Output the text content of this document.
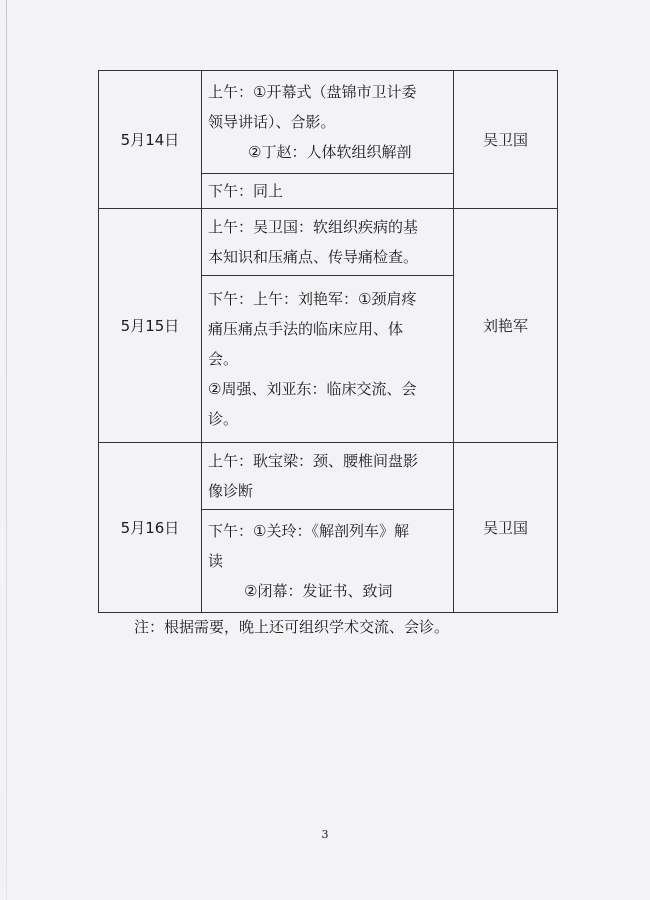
5月14日	上午：①开幕式（盘锦市卫计委
领导讲话）、合影。
②丁赵：人体软组织解剖	吴卫国

	下午：同上	

5月15日	上午：吴卫国：软组织疾病的基
本知识和压痛点、传导痛检查。	刘艳军

	下午：上午：刘艳军：①颈肩疼
痛压痛点手法的临床应用、体
会。
②周强、刘亚东：临床交流、会
诊。	

5月16日	上午：耿宝梁：颈、腰椎间盘影
像诊断	吴卫国

	下午：①关玲：《解剖列车》解
读
②闭幕：发证书、致词	
注：根据需要，晚上还可组织学术交流、会诊。
3
